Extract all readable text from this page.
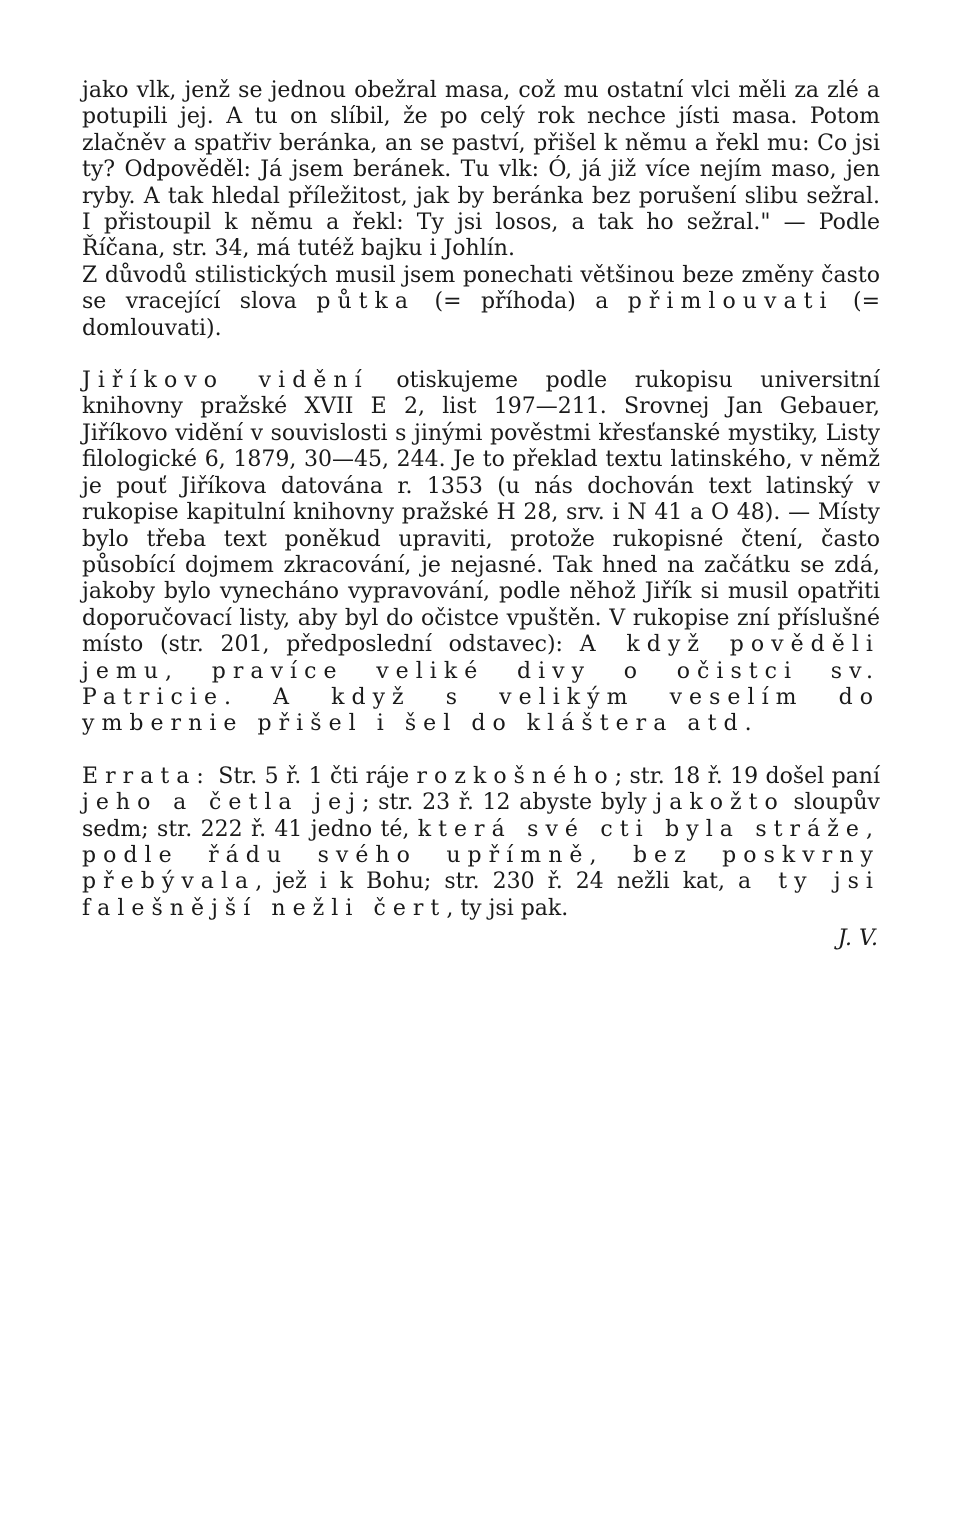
jako vlk, jenž se jednou obežral masa, což mu ostatní vlci měli za zlé a potupili jej. A tu on slíbil, že po celý rok nechce jísti masa. Potom zlačněv a spatřiv beránka, an se paství, přišel k němu a řekl mu: Co jsi ty? Odpověděl: Já jsem beránek. Tu vlk: Ó, já již více nejím maso, jen ryby. A tak hledal příležitost, jak by beránka bez porušení slibu sežral. I přistoupil k němu a řekl: Ty jsi losos, a tak ho sežral." — Podle Říčana, str. 34, má tutéž bajku i Johlín.

Z důvodů stilistických musil jsem ponechati většinou beze změny často se vracející slova půtka (= příhoda) a přimlouvati (= domlouvati).

Jiříkovo vidění otiskujeme podle rukopisu universitní knihovny pražské XVII E 2, list 197—211. Srovnej Jan Gebauer, Jiříkovo vidění v souvislosti s jinými pověstmi křesťanské mystiky, Listy filologické 6, 1879, 30—45, 244. Je to překlad textu latinského, v němž je pouť Jiříkova datována r. 1353 (u nás dochován text latinský v rukopise kapitulní knihovny pražské H 28, srv. i N 41 a O 48). — Místy bylo třeba text poněkud upraviti, protože rukopisné čtení, často působící dojmem zkracování, je nejasné. Tak hned na začátku se zdá, jakoby bylo vynecháno vypravování, podle něhož Jiřík si musil opatřiti doporučovací listy, aby byl do očistce vpuštěn. V rukopise zní příslušné místo (str. 201, předposlední odstavec): A když pověděli jemu, pravíce veliké divy o očistci sv. Patricie. A když s velikým veselím do ymbernie přišel i šel do kláštera atd.

Errata: Str. 5 ř. 1 čti ráje rozkošného; str. 18 ř. 19 došel paní jeho a četla jej; str. 23 ř. 12 abyste byly jakožto sloupův sedm; str. 222 ř. 41 jedno té, která své cti byla stráže, podle řádu svého upřímně, bez poskvrny přebývala, jež i k Bohu; str. 230 ř. 24 nežli kat, a ty jsi falešnější nežli čert, ty jsi pak.

J. V.
